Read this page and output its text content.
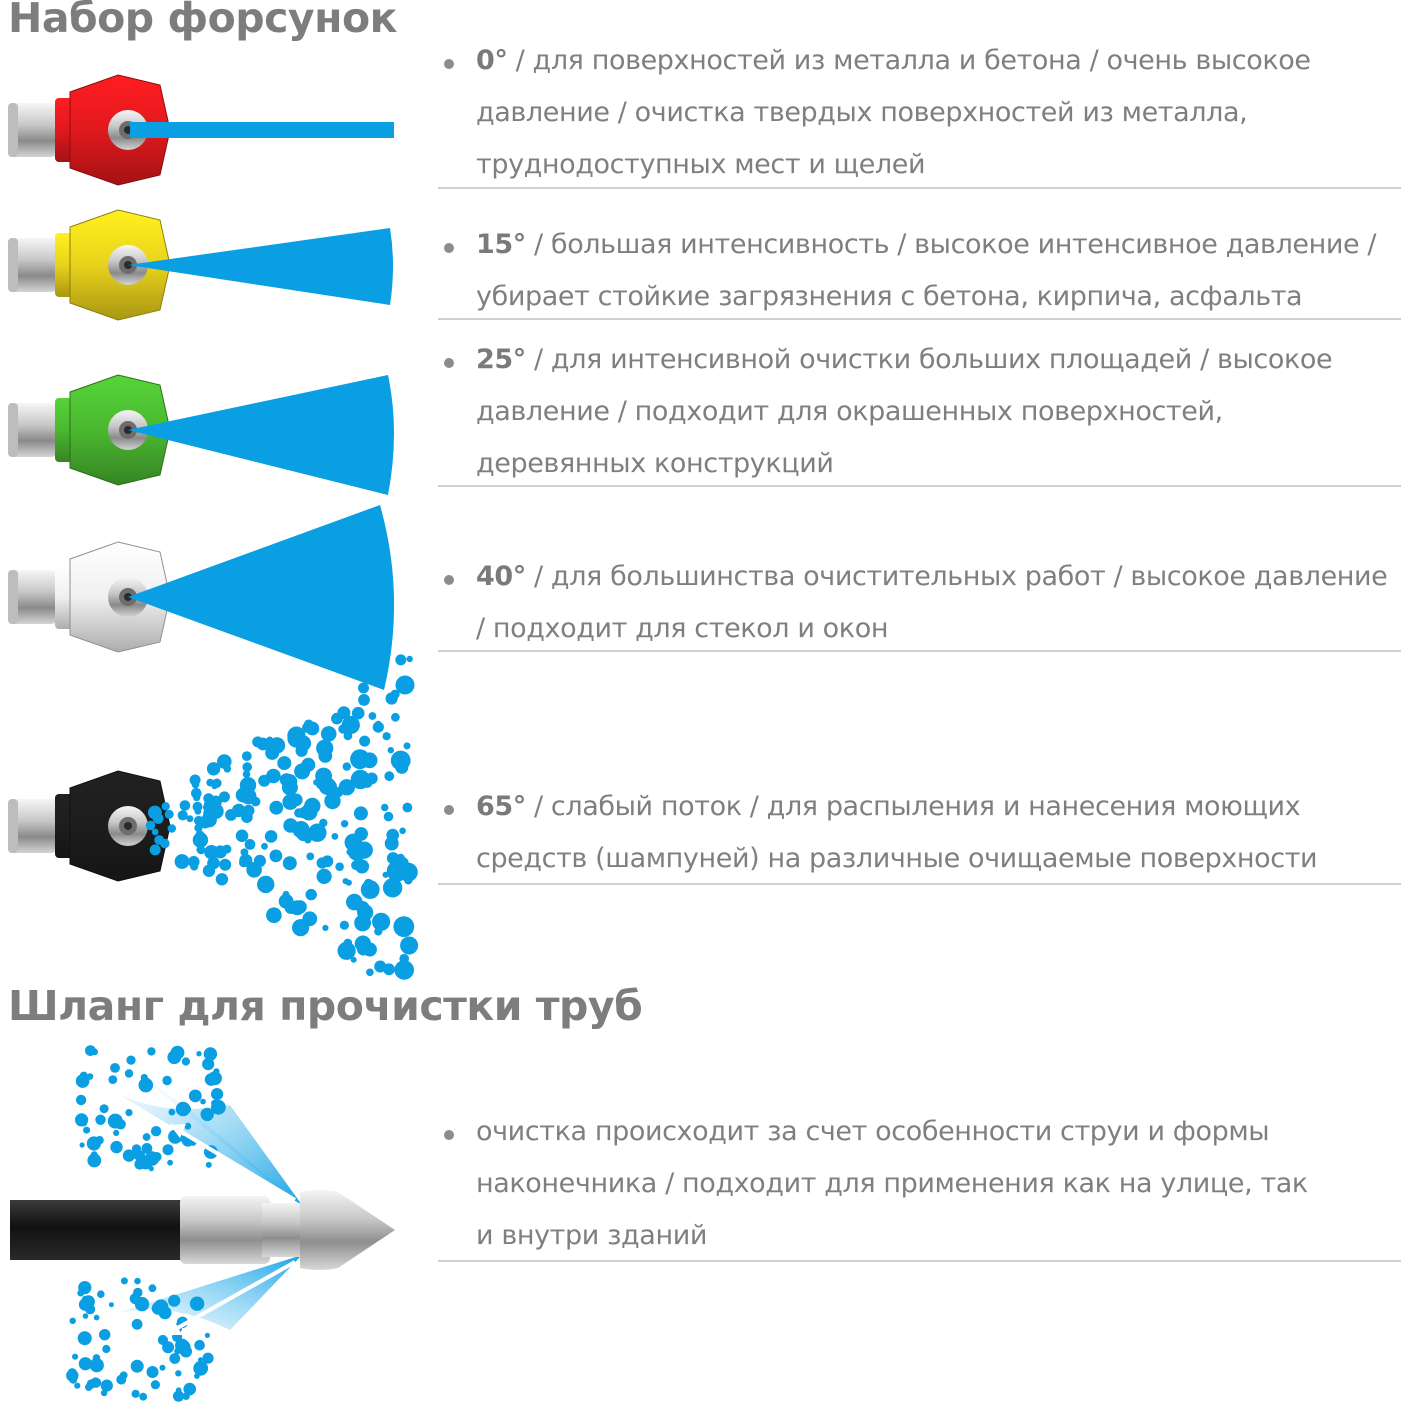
Набор форсунок

0° / для поверхностей из металла и бетона / очень высокое давление / очистка твердых поверхностей из металла, труднодоступных мест и щелей

15° / большая интенсивность / высокое интенсивное давление / убирает стойкие загрязнения с бетона, кирпича, асфальта

25° / для интенсивной очистки больших площадей / высокое давление / подходит для окрашенных поверхностей, деревянных конструкций

40° / для большинства очистительных работ / высокое давление / подходит для стекол и окон

65° / слабый поток / для распыления и нанесения моющих средств (шампуней) на различные очищаемые поверхности

Шланг для прочистки труб

очистка происходит за счет особенности струи и формы наконечника / подходит для применения как на улице, так и внутри зданий
